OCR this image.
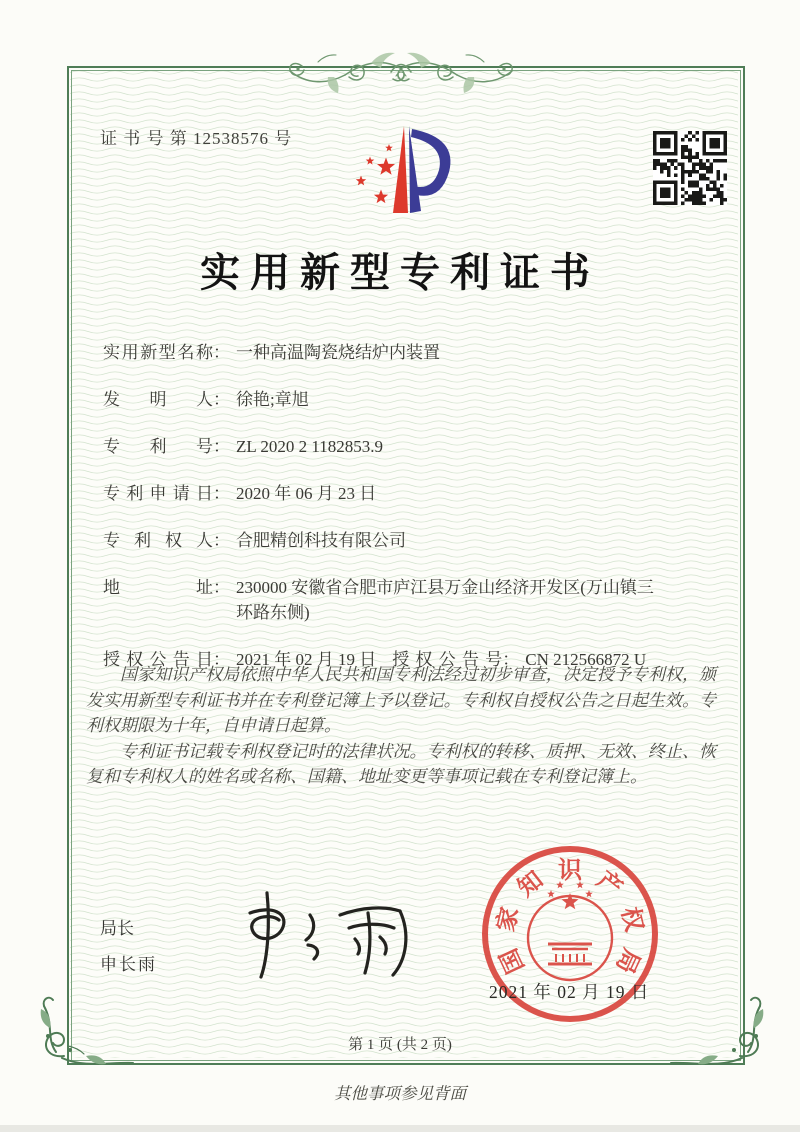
证 书 号 第 12538576 号
实用新型专利证书
实用新型名称 ： 一种高温陶瓷烧结炉内装置
发明人 ： 徐艳;章旭
专利号 ： ZL 2020 2 1182853.9
专利申请日 ： 2020 年 06 月 23 日
专利权人 ： 合肥精创科技有限公司
地址 ： 230000 安徽省合肥市庐江县万金山经济开发区(万山镇三环路东侧)
授权公告日 ： 2021 年 02 月 19 日 授权公告号 ： CN 212566872 U

国家知识产权局依照中华人民共和国专利法经过初步审查，决定授予专利权，颁发实用新型专利证书并在专利登记簿上予以登记。专利权自授权公告之日起生效。专利权期限为十年，自申请日起算。

专利证书记载专利权登记时的法律状况。专利权的转移、质押、无效、终止、恢复和专利权人的姓名或名称、国籍、地址变更等事项记载在专利登记簿上。

局长
申长雨	国
家
知 识 产
权
局
2021 年 02 月 19 日
第 1 页 (共 2 页)
其他事项参见背面
